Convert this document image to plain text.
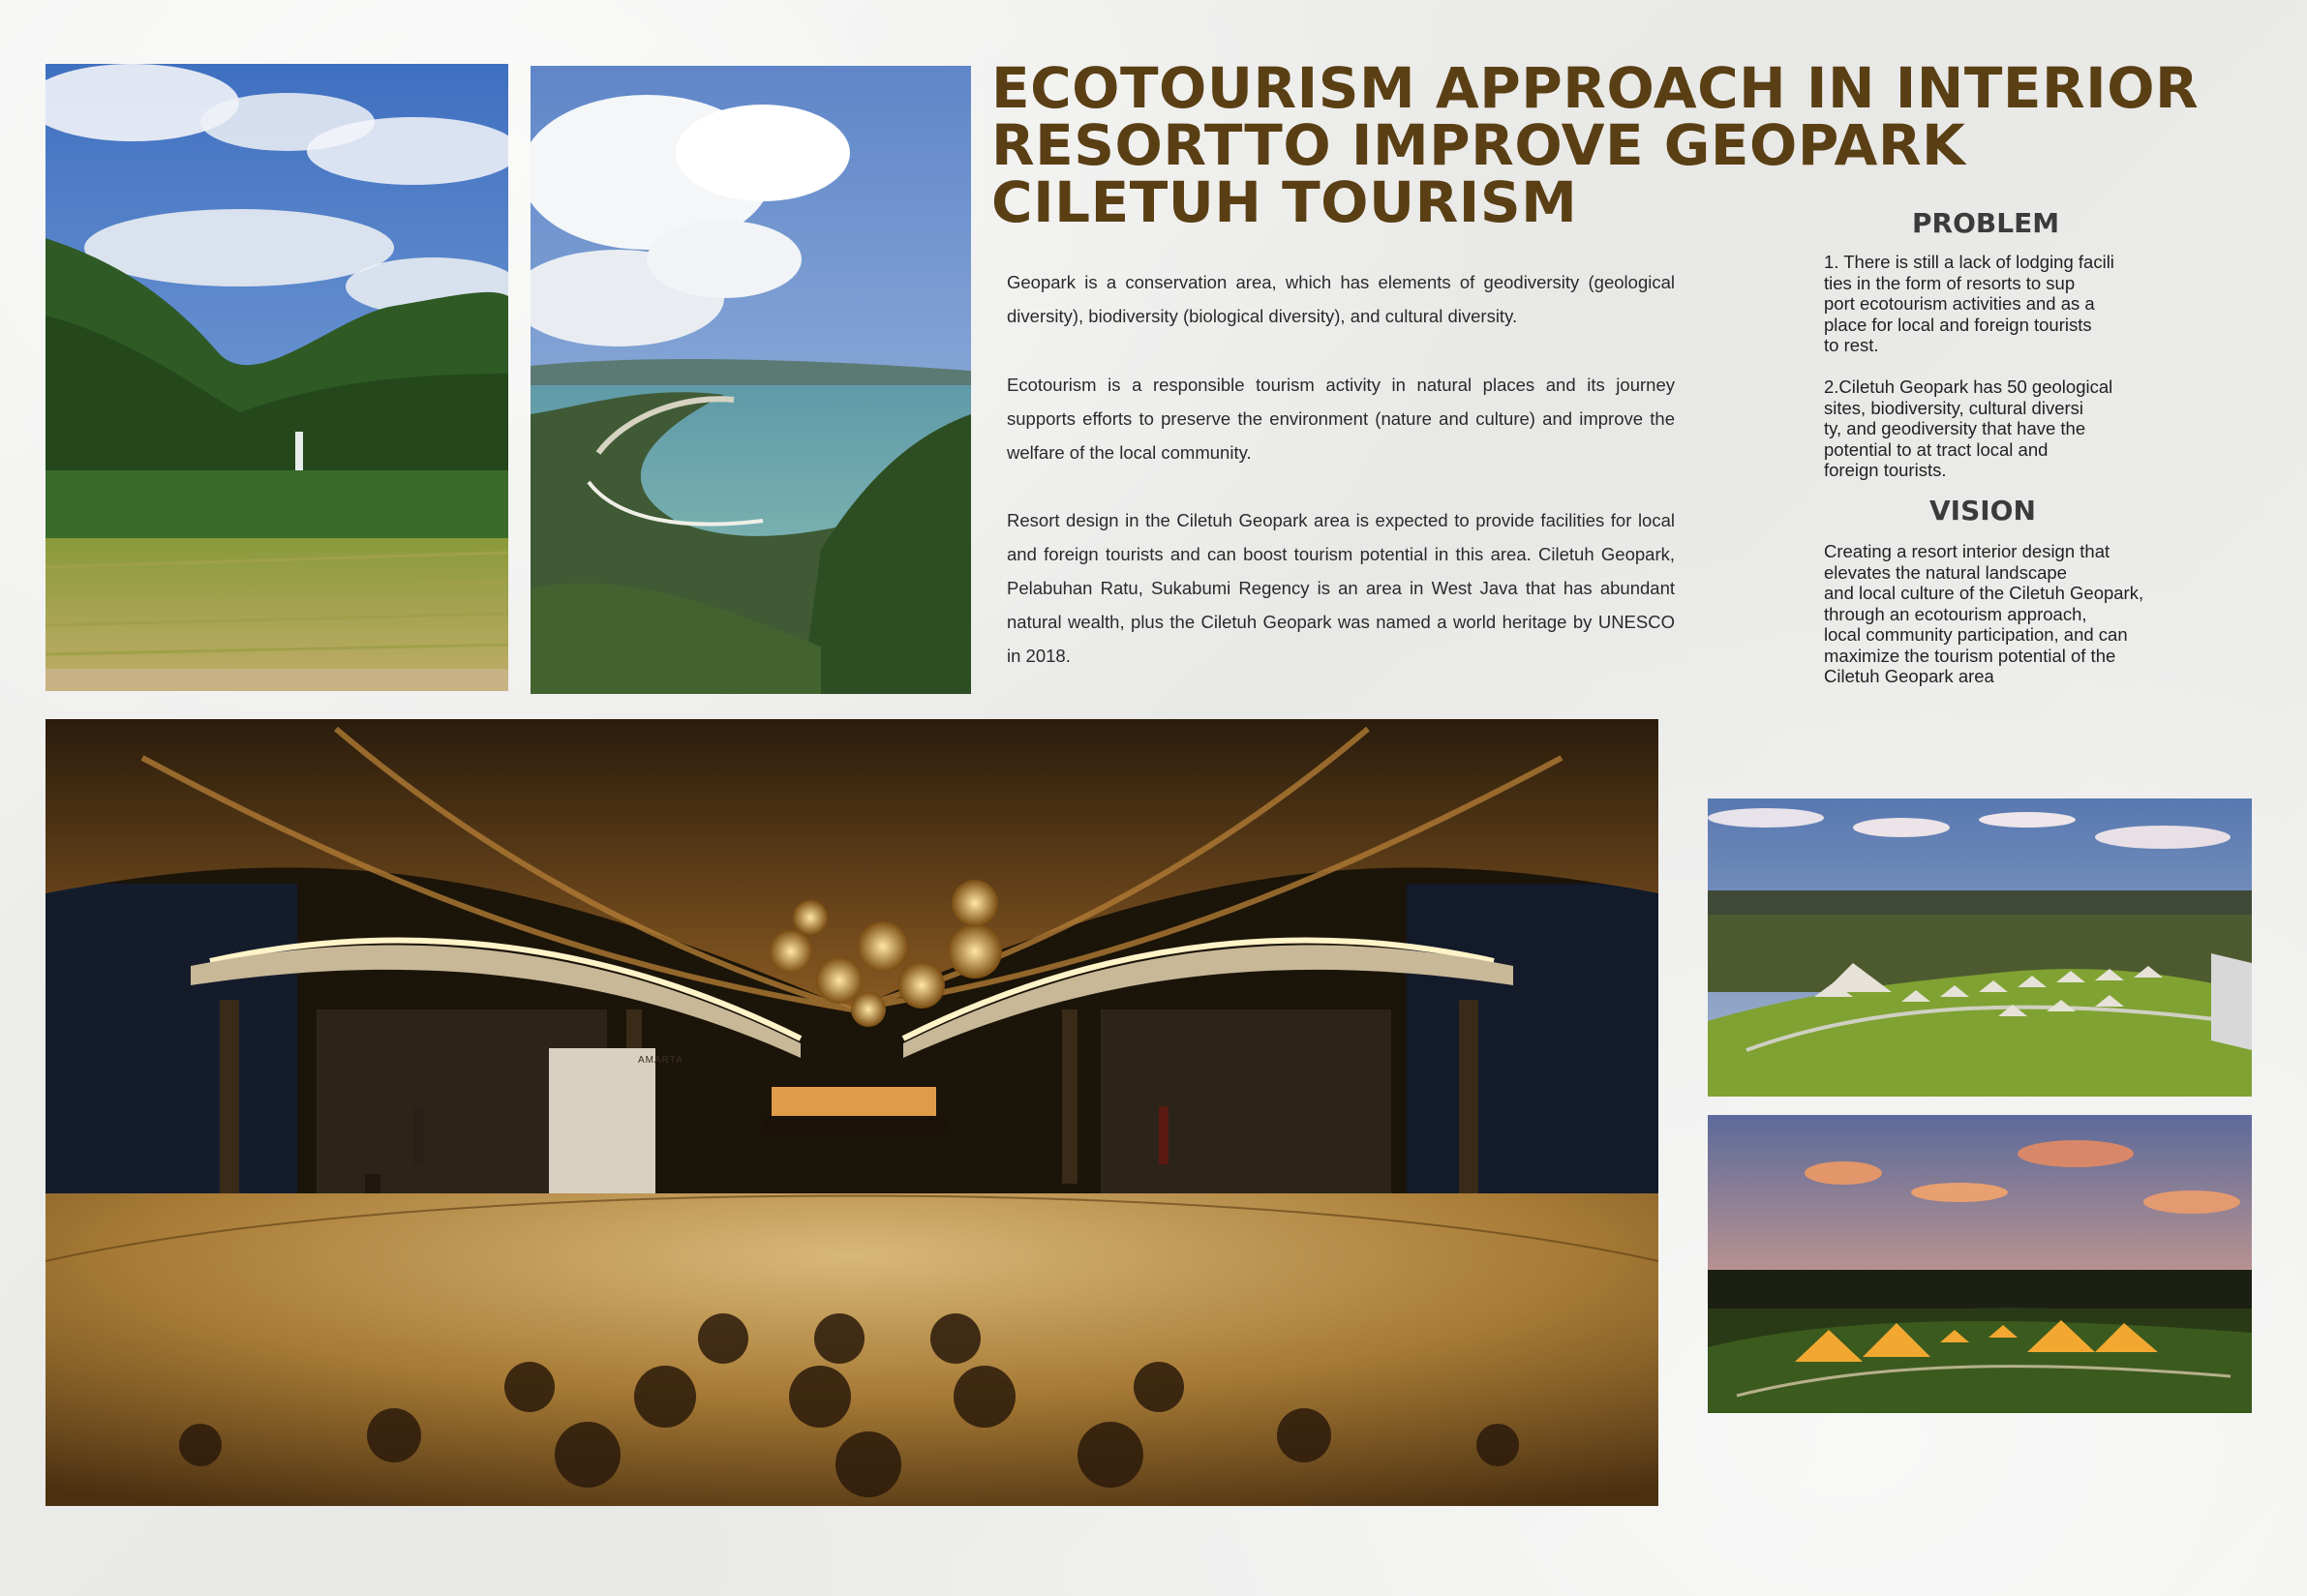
ECOTOURISM APPROACH IN INTERIOR RESORTTO IMPROVE GEOPARK CILETUH TOURISM

Geopark is a conservation area, which has elements of geodiversity (geological diversity), biodiversity (biological diversity), and cultural diversity.

Ecotourism is a responsible tourism activity in natural places and its journey supports efforts to preserve the environment (nature and culture) and improve the welfare of the local community.

Resort design in the Ciletuh Geopark area is expected to provide facilities for local and foreign tourists and can boost tourism potential in this area. Ciletuh Geopark, Pelabuhan Ratu, Sukabumi Regency is an area in West Java that has abundant natural wealth, plus the Ciletuh Geopark was named a world heritage by UNESCO in 2018.

PROBLEM

1. There is still a lack of lodging facili
ties in the form of resorts to sup
port ecotourism activities and as a
place for local and foreign tourists
to rest.

2.Ciletuh Geopark has 50 geological
sites, biodiversity, cultural diversi
ty, and geodiversity that have the
potential to at tract local and
foreign tourists.

VISION

Creating a resort interior design that
elevates the natural landscape
and local culture of the Ciletuh Geopark,
through an ecotourism approach,
local community participation, and can
maximize the tourism potential of the
Ciletuh Geopark area

AMARTA
